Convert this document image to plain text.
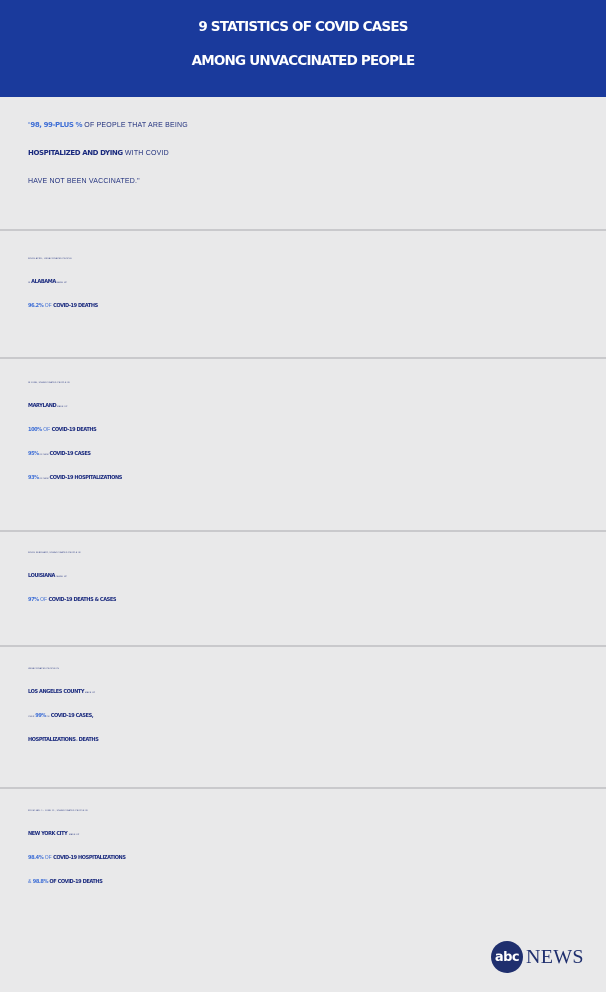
9 STATISTICS OF COVID CASES
AMONG UNVACCINATED PEOPLE
“98, 99-PLUS % OF PEOPLE THAT ARE BEING
HOSPITALIZED AND DYING WITH COVID
HAVE NOT BEEN VACCINATED."
SINCE APRIL, UNVACCINATED PEOPLE
IN ALABAMA MADE UP
96.2% OF COVID-19 DEATHS
IN JUNE, UNVACCINATED PEOPLE IN
MARYLAND MADE UP
100% OF COVID-19 DEATHS
95% OF NEW COVID-19 CASES
93% OF NEW COVID-19 HOSPITALIZATIONS
SINCE FEBRUARY, UNVACCINATED PEOPLE IN
LOUISIANA  MADE UP
97% OF COVID-19 DEATHS & CASES
UNVACCINATED PEOPLE IN
LOS ANGELES COUNTY MAKE UP
OVER 99% OF COVID-19 CASES,
HOSPITALIZATIONS & DEATHS
FROM JAN. 1 - JUNE 15 , UNVACCINATED PEOPLE IN
NEW YORK CITY  MADE UP
98.4% OF COVID-19 HOSPITALIZATIONS
& 98.8% OF COVID-19 DEATHS
abc NEWS
